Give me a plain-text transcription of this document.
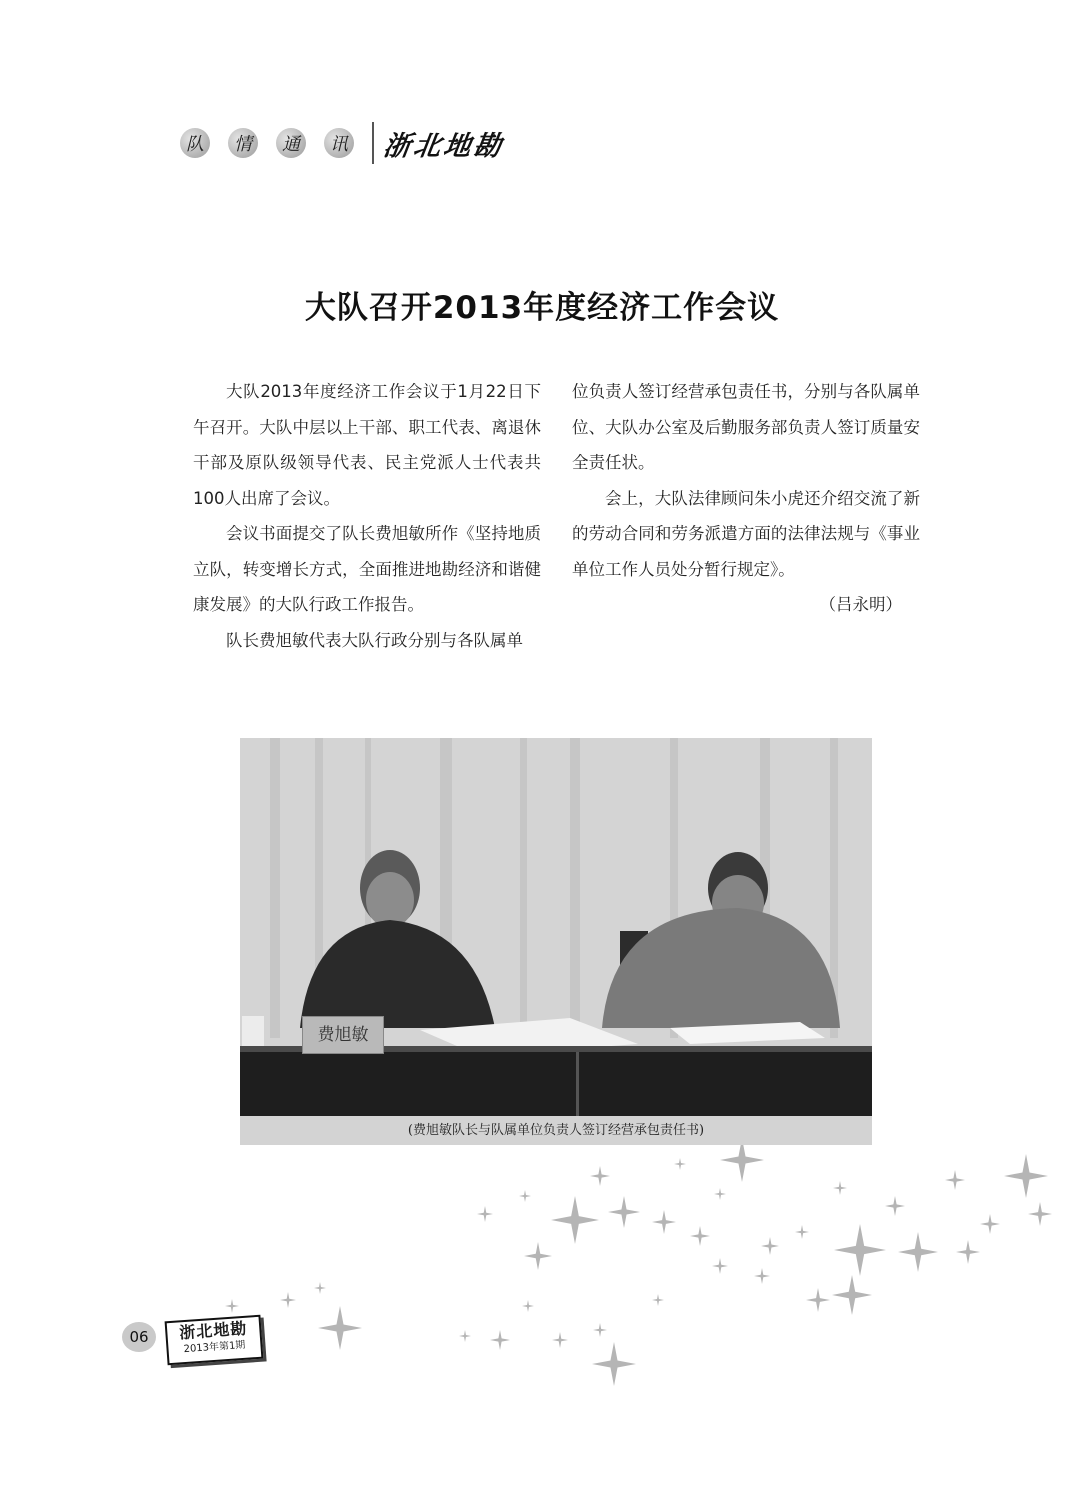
队	情	通	讯 浙北地勘
大队召开2013年度经济工作会议

大队2013年度经济工作会议于1月22日下午召开。大队中层以上干部、职工代表、离退休干部及原队级领导代表、民主党派人士代表共100人出席了会议。

会议书面提交了队长费旭敏所作《坚持地质立队，转变增长方式，全面推进地勘经济和谐健康发展》的大队行政工作报告。

队长费旭敏代表大队行政分别与各队属单

位负责人签订经营承包责任书，分别与各队属单位、大队办公室及后勤服务部负责人签订质量安全责任状。

会上，大队法律顾问朱小虎还介绍交流了新的劳动合同和劳务派遣方面的法律法规与《事业单位工作人员处分暂行规定》。

（吕永明）
费旭敏
(费旭敏队长与队属单位负责人签订经营承包责任书)
06	浙北地勘
2013年第1期
